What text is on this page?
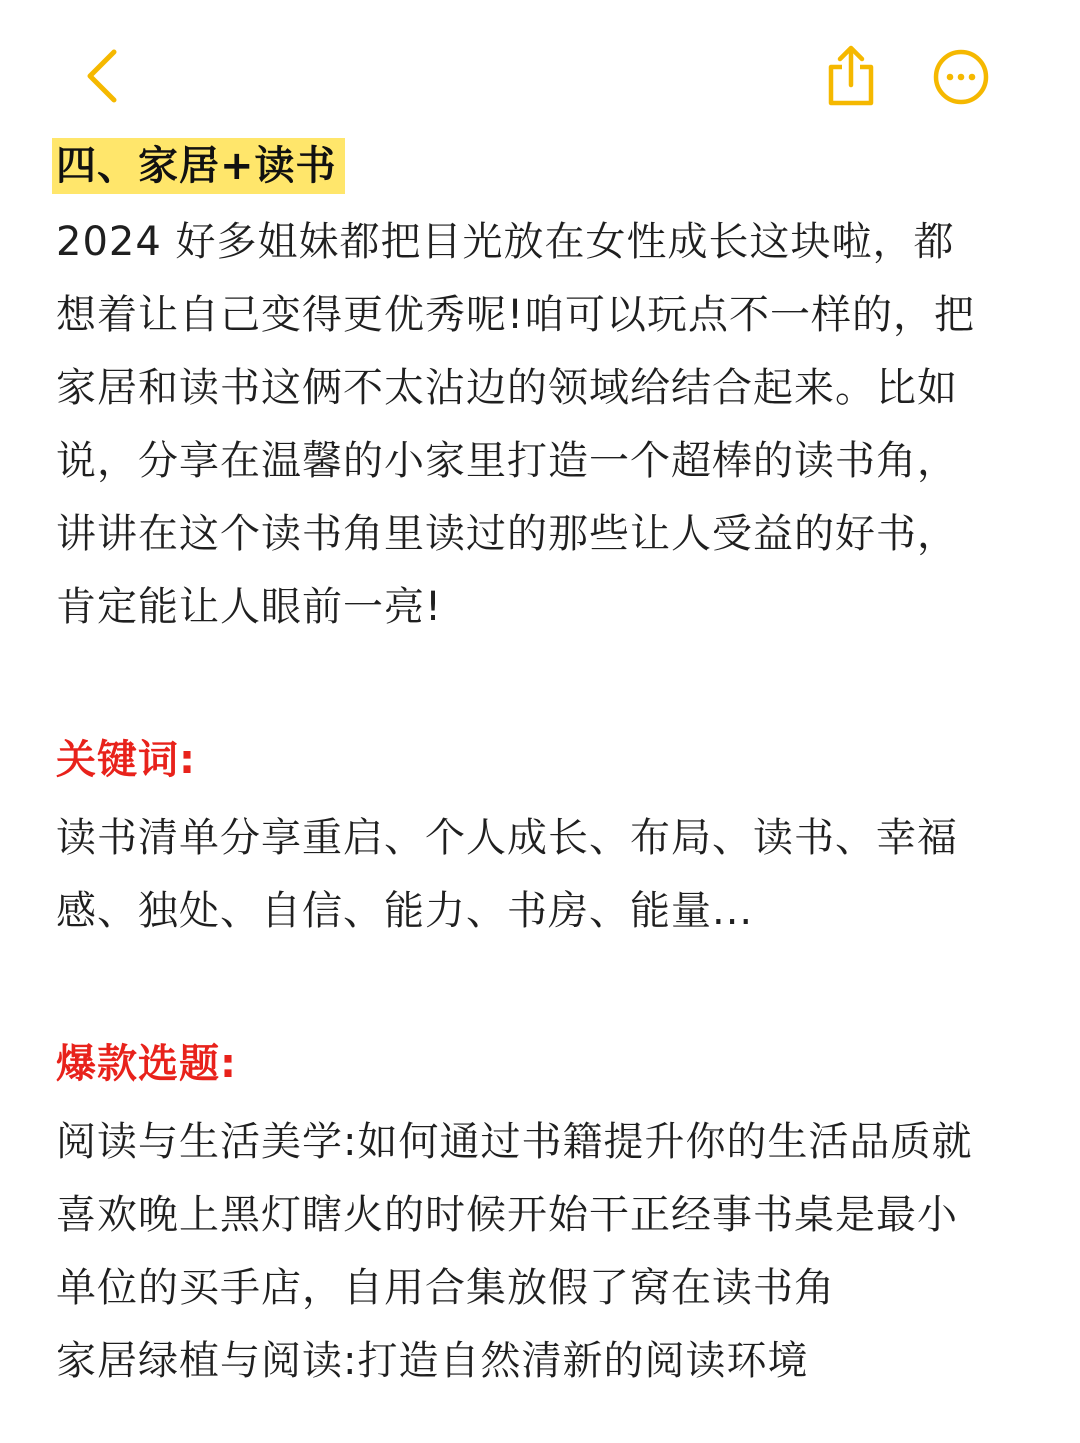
四、家居+读书
2024 好多姐妹都把目光放在女性成长这块啦，都
想着让自己变得更优秀呢!咱可以玩点不一样的，把
家居和读书这俩不太沾边的领域给结合起来。比如
说，分享在温馨的小家里打造一个超棒的读书角，
讲讲在这个读书角里读过的那些让人受益的好书，
肯定能让人眼前一亮!
关键词:
读书清单分享重启、个人成长、布局、读书、幸福
感、独处、自信、能力、书房、能量...
爆款选题:
阅读与生活美学:如何通过书籍提升你的生活品质就
喜欢晚上黑灯瞎火的时候开始干正经事书桌是最小
单位的买手店，自用合集放假了窝在读书角
家居绿植与阅读:打造自然清新的阅读环境
